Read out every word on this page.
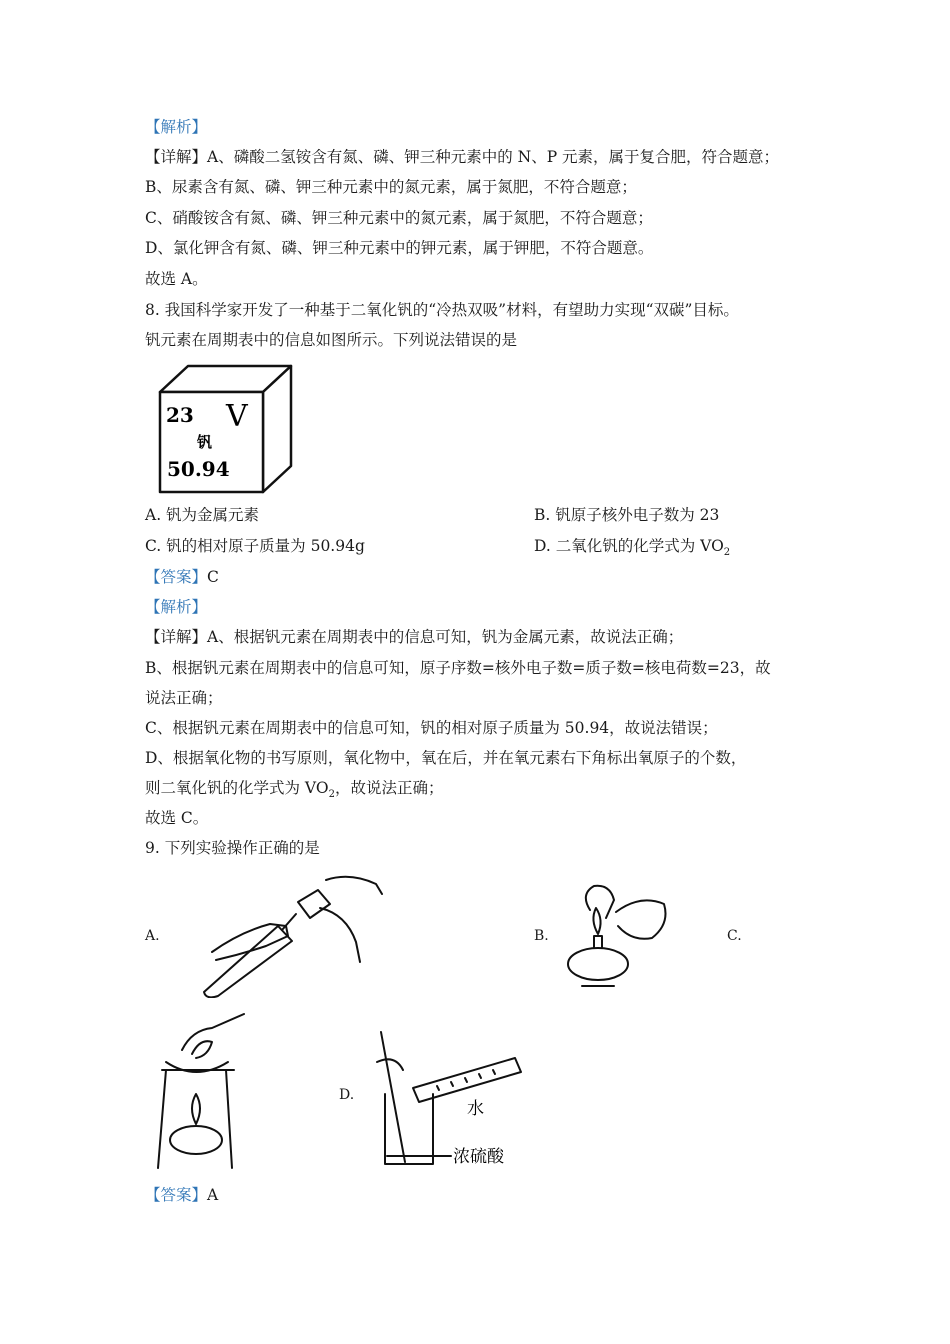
【解析】
【详解】A、磷酸二氢铵含有氮、磷、钾三种元素中的 N、P 元素，属于复合肥，符合题意；
B、尿素含有氮、磷、钾三种元素中的氮元素，属于氮肥，不符合题意；
C、硝酸铵含有氮、磷、钾三种元素中的氮元素，属于氮肥，不符合题意；
D、氯化钾含有氮、磷、钾三种元素中的钾元素，属于钾肥，不符合题意。
故选 A。
8. 我国科学家开发了一种基于二氧化钒的“冷热双吸”材料，有望助力实现“双碳”目标。
钒元素在周期表中的信息如图所示。下列说法错误的是
23 V
钒
50.94
A. 钒为金属元素	B. 钒原子核外电子数为 23
C. 钒的相对原子质量为 50.94g	D. 二氧化钒的化学式为 $VO_2$
【答案】C
【解析】
【详解】A、根据钒元素在周期表中的信息可知，钒为金属元素，故说法正确；
B、根据钒元素在周期表中的信息可知，原子序数=核外电子数=质子数=核电荷数=23，故
说法正确；
C、根据钒元素在周期表中的信息可知，钒的相对原子质量为 50.94，故说法错误；
D、根据氧化物的书写原则，氧化物中，氧在后，并在氧元素右下角标出氧原子的个数，
则二氧化钒的化学式为 $VO_2$，故说法正确；
故选 C。
9. 下列实验操作正确的是
A.	B.	C.
D.
水
浓硫酸
【答案】A
